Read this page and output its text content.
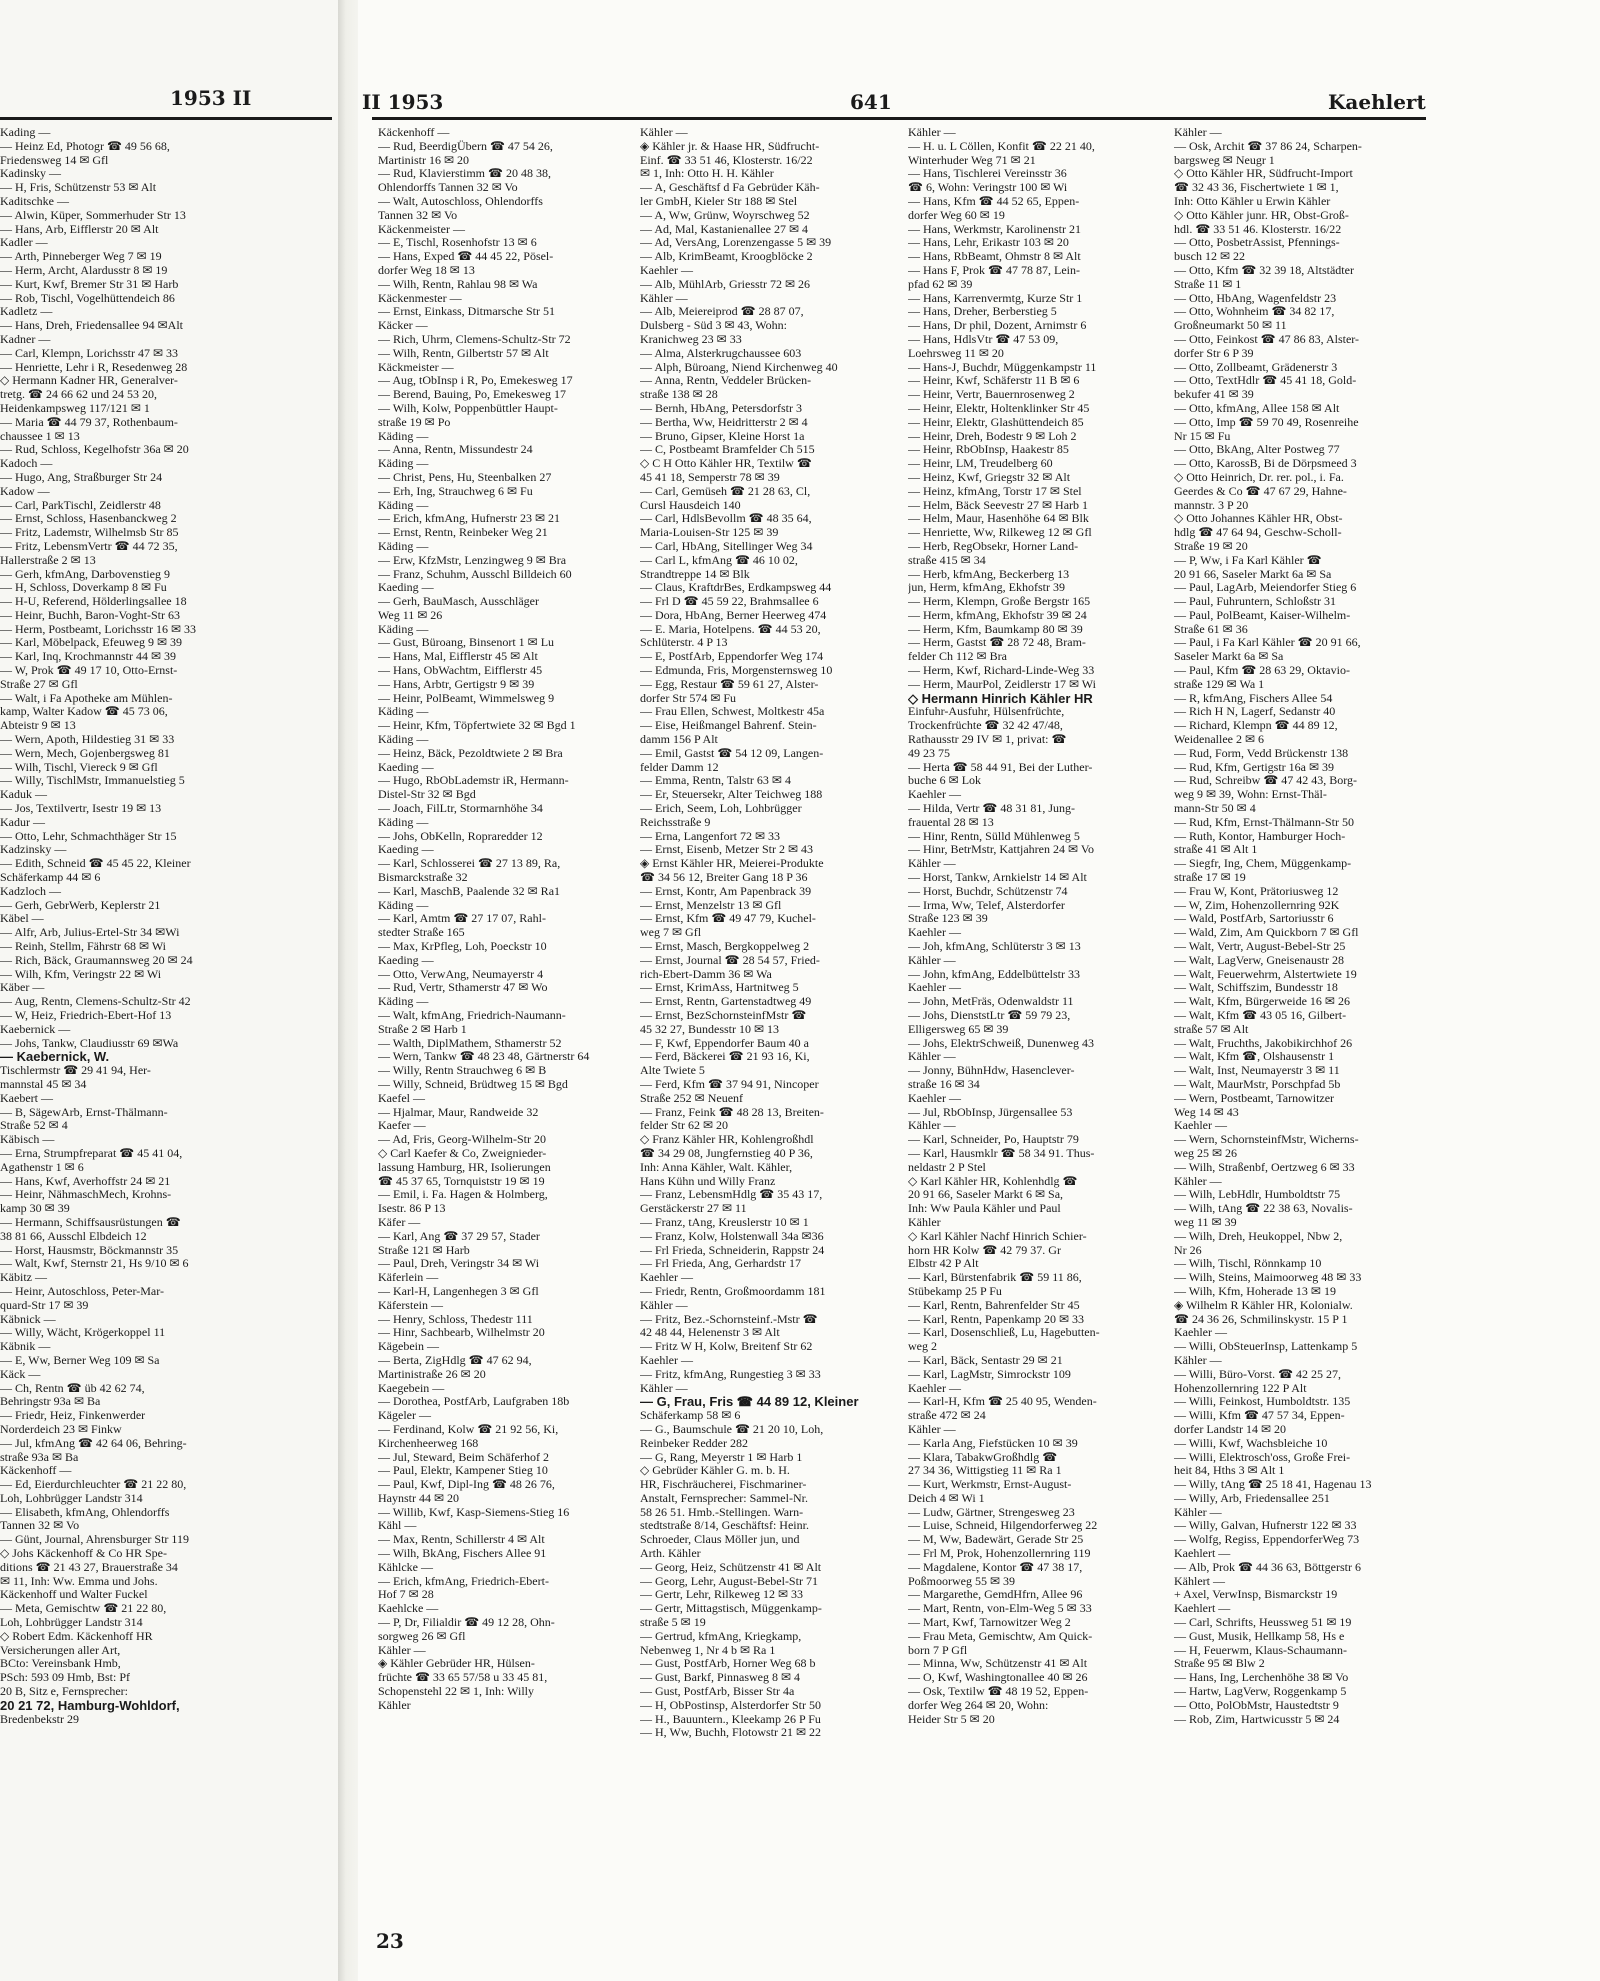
1953 II
Kading —
— Heinz Ed, Photogr ☎ 49 56 68,
Friedensweg 14 ✉ Gfl
Kadinsky —
— H, Fris, Schützenstr 53 ✉ Alt
Kaditschke —
— Alwin, Küper, Sommerhuder Str 13
— Hans, Arb, Eifflerstr 20 ✉ Alt
Kadler —
— Arth, Pinneberger Weg 7 ✉ 19
— Herm, Archt, Alardusstr 8 ✉ 19
— Kurt, Kwf, Bremer Str 31 ✉ Harb
— Rob, Tischl, Vogelhüttendeich 86
Kadletz —
— Hans, Dreh, Friedensallee 94 ✉Alt
Kadner —
— Carl, Klempn, Lorichsstr 47 ✉ 33
— Henriette, Lehr i R, Resedenweg 28
◇ Hermann Kadner HR, Generalver-
tretg. ☎ 24 66 62 und 24 53 20,
Heidenkampsweg 117/121 ✉ 1
— Maria ☎ 44 79 37, Rothenbaum-
chaussee 1 ✉ 13
— Rud, Schloss, Kegelhofstr 36a ✉ 20
Kadoch —
— Hugo, Ang, Straßburger Str 24
Kadow —
— Carl, ParkTischl, Zeidlerstr 48
— Ernst, Schloss, Hasenbanckweg 2
— Fritz, Lademstr, Wilhelmsb Str 85
— Fritz, LebensmVertr ☎ 44 72 35,
Hallerstraße 2 ✉ 13
— Gerh, kfmAng, Darbovenstieg 9
— H, Schloss, Doverkamp 8 ✉ Fu
— H-U, Referend, Hölderlingsallee 18
— Heinr, Buchh, Baron-Voght-Str 63
— Herm, Postbeamt, Lorichsstr 16 ✉ 33
— Karl, Möbelpack, Efeuweg 9 ✉ 39
— Karl, Inq, Krochmannstr 44 ✉ 39
— W, Prok ☎ 49 17 10, Otto-Ernst-
Straße 27 ✉ Gfl
— Walt, i Fa Apotheke am Mühlen-
kamp, Walter Kadow ☎ 45 73 06,
Abteistr 9 ✉ 13
— Wern, Apoth, Hildestieg 31 ✉ 33
— Wern, Mech, Gojenbergsweg 81
— Wilh, Tischl, Viereck 9 ✉ Gfl
— Willy, TischlMstr, Immanuelstieg 5
Kaduk —
— Jos, Textilvertr, Isestr 19 ✉ 13
Kadur —
— Otto, Lehr, Schmachthäger Str 15
Kadzinsky —
— Edith, Schneid ☎ 45 45 22, Kleiner
Schäferkamp 44 ✉ 6
Kadzloch —
— Gerh, GebrWerb, Keplerstr 21
Käbel —
— Alfr, Arb, Julius-Ertel-Str 34 ✉Wi
— Reinh, Stellm, Fährstr 68 ✉ Wi
— Rich, Bäck, Graumannsweg 20 ✉ 24
— Wilh, Kfm, Veringstr 22 ✉ Wi
Käber —
— Aug, Rentn, Clemens-Schultz-Str 42
— W, Heiz, Friedrich-Ebert-Hof 13
Kaebernick —
— Johs, Tankw, Claudiusstr 69 ✉Wa
— Kaebernick, W.
Tischlermstr ☎ 29 41 94, Her-
mannstal 45 ✉ 34
Kaebert —
— B, SägewArb, Ernst-Thälmann-
Straße 52 ✉ 4
Käbisch —
— Erna, Strumpfreparat ☎ 45 41 04,
Agathenstr 1 ✉ 6
— Hans, Kwf, Averhoffstr 24 ✉ 21
— Heinr, NähmaschMech, Krohns-
kamp 30 ✉ 39
— Hermann, Schiffsausrüstungen ☎
38 81 66, Ausschl Elbdeich 12
— Horst, Hausmstr, Böckmannstr 35
— Walt, Kwf, Sternstr 21, Hs 9/10 ✉ 6
Käbitz —
— Heinr, Autoschloss, Peter-Mar-
quard-Str 17 ✉ 39
Käbnick —
— Willy, Wächt, Krögerkoppel 11
Käbnik —
— E, Ww, Berner Weg 109 ✉ Sa
Käck —
— Ch, Rentn ☎ üb 42 62 74,
Behringstr 93a ✉ Ba
— Friedr, Heiz, Finkenwerder
Norderdeich 23 ✉ Finkw
— Jul, kfmAng ☎ 42 64 06, Behring-
straße 93a ✉ Ba
Käckenhoff —
— Ed, Eierdurchleuchter ☎ 21 22 80,
Loh, Lohbrügger Landstr 314
— Elisabeth, kfmAng, Ohlendorffs
Tannen 32 ✉ Vo
— Günt, Journal, Ahrensburger Str 119
◇ Johs Käckenhoff & Co HR Spe-
ditions ☎ 21 43 27, Brauerstraße 34
✉ 11, Inh: Ww. Emma und Johs.
Käckenhoff und Walter Fuckel
— Meta, Gemischtw ☎ 21 22 80,
Loh, Lohbrügger Landstr 314
◇ Robert Edm. Käckenhoff HR
Versicherungen aller Art,
BCto: Vereinsbank Hmb,
PSch: 593 09 Hmb, Bst: Pf
20 B, Sitz e, Fernsprecher:
20 21 72, Hamburg-Wohldorf,
Bredenbekstr 29
II 1953	641	Kaehlert
Käckenhoff —
— Rud, BeerdigÜbern ☎ 47 54 26,
Martinistr 16 ✉ 20
— Rud, Klavierstimm ☎ 20 48 38,
Ohlendorffs Tannen 32 ✉ Vo
— Walt, Autoschloss, Ohlendorffs
Tannen 32 ✉ Vo
Käckenmeister —
— E, Tischl, Rosenhofstr 13 ✉ 6
— Hans, Exped ☎ 44 45 22, Pösel-
dorfer Weg 18 ✉ 13
— Wilh, Rentn, Rahlau 98 ✉ Wa
Käckenmester —
— Ernst, Einkass, Ditmarsche Str 51
Käcker —
— Rich, Uhrm, Clemens-Schultz-Str 72
— Wilh, Rentn, Gilbertstr 57 ✉ Alt
Käckmeister —
— Aug, tObInsp i R, Po, Emekesweg 17
— Berend, Bauing, Po, Emekesweg 17
— Wilh, Kolw, Poppenbüttler Haupt-
straße 19 ✉ Po
Käding —
— Anna, Rentn, Missundestr 24
Käding —
— Christ, Pens, Hu, Steenbalken 27
— Erh, Ing, Strauchweg 6 ✉ Fu
Käding —
— Erich, kfmAng, Hufnerstr 23 ✉ 21
— Ernst, Rentn, Reinbeker Weg 21
Käding —
— Erw, KfzMstr, Lenzingweg 9 ✉ Bra
— Franz, Schuhm, Ausschl Billdeich 60
Kaeding —
— Gerh, BauMasch, Ausschläger
Weg 11 ✉ 26
Käding —
— Gust, Büroang, Binsenort 1 ✉ Lu
— Hans, Mal, Eifflerstr 45 ✉ Alt
— Hans, ObWachtm, Eifflerstr 45
— Hans, Arbtr, Gertigstr 9 ✉ 39
— Heinr, PolBeamt, Wimmelsweg 9
Käding —
— Heinr, Kfm, Töpfertwiete 32 ✉ Bgd 1
Käding —
— Heinz, Bäck, Pezoldtwiete 2 ✉ Bra
Kaeding —
— Hugo, RbObLademstr iR, Hermann-
Distel-Str 32 ✉ Bgd
— Joach, FilLtr, Stormarnhöhe 34
Käding —
— Johs, ObKelln, Ropraredder 12
Kaeding —
— Karl, Schlosserei ☎ 27 13 89, Ra,
Bismarckstraße 32
— Karl, MaschB, Paalende 32 ✉ Ra1
Käding —
— Karl, Amtm ☎ 27 17 07, Rahl-
stedter Straße 165
— Max, KrPfleg, Loh, Poeckstr 10
Kaeding —
— Otto, VerwAng, Neumayerstr 4
— Rud, Vertr, Sthamerstr 47 ✉ Wo
Käding —
— Walt, kfmAng, Friedrich-Naumann-
Straße 2 ✉ Harb 1
— Walth, DiplMathem, Sthamerstr 52
— Wern, Tankw ☎ 48 23 48, Gärtnerstr 64
— Willy, Rentn Strauchweg 6 ✉ B
— Willy, Schneid, Brüdtweg 15 ✉ Bgd
Kaefel —
— Hjalmar, Maur, Randweide 32
Kaefer —
— Ad, Fris, Georg-Wilhelm-Str 20
◇ Carl Kaefer & Co, Zweignieder-
lassung Hamburg, HR, Isolierungen
☎ 45 37 65, Tornquiststr 19 ✉ 19
— Emil, i. Fa. Hagen & Holmberg,
Isestr. 86 P 13
Käfer —
— Karl, Ang ☎ 37 29 57, Stader
Straße 121 ✉ Harb
— Paul, Dreh, Veringstr 34 ✉ Wi
Käferlein —
— Karl-H, Langenhegen 3 ✉ Gfl
Käferstein —
— Henry, Schloss, Thedestr 111
— Hinr, Sachbearb, Wilhelmstr 20
Kägebein —
— Berta, ZigHdlg ☎ 47 62 94,
Martinistraße 26 ✉ 20
Kaegebein —
— Dorothea, PostfArb, Laufgraben 18b
Kägeler —
— Ferdinand, Kolw ☎ 21 92 56, Ki,
Kirchenheerweg 168
— Jul, Steward, Beim Schäferhof 2
— Paul, Elektr, Kampener Stieg 10
— Paul, Kwf, Dipl-Ing ☎ 48 26 76,
Haynstr 44 ✉ 20
— Willib, Kwf, Kasp-Siemens-Stieg 16
Kähl —
— Max, Rentn, Schillerstr 4 ✉ Alt
— Wilh, BkAng, Fischers Allee 91
Kählcke —
— Erich, kfmAng, Friedrich-Ebert-
Hof 7 ✉ 28
Kaehlcke —
— P, Dr, Filialdir ☎ 49 12 28, Ohn-
sorgweg 26 ✉ Gfl
Kähler —
◈ Kähler Gebrüder HR, Hülsen-
früchte ☎ 33 65 57/58 u 33 45 81,
Schopenstehl 22 ✉ 1, Inh: Willy
Kähler
Kähler —
◈ Kähler jr. & Haase HR, Südfrucht-
Einf. ☎ 33 51 46, Klosterstr. 16/22
✉ 1, Inh: Otto H. H. Kähler
— A, Geschäftsf d Fa Gebrüder Käh-
ler GmbH, Kieler Str 188 ✉ Stel
— A, Ww, Grünw, Woyrschweg 52
— Ad, Mal, Kastanienallee 27 ✉ 4
— Ad, VersAng, Lorenzengasse 5 ✉ 39
— Alb, KrimBeamt, Kroogblöcke 2
Kaehler —
— Alb, MühlArb, Griesstr 72 ✉ 26
Kähler —
— Alb, Meiereiprod ☎ 28 87 07,
Dulsberg - Süd 3 ✉ 43, Wohn:
Kranichweg 23 ✉ 33
— Alma, Alsterkrugchaussee 603
— Alph, Büroang, Niend Kirchenweg 40
— Anna, Rentn, Veddeler Brücken-
straße 138 ✉ 28
— Bernh, HbAng, Petersdorfstr 3
— Bertha, Ww, Heidritterstr 2 ✉ 4
— Bruno, Gipser, Kleine Horst 1a
— C, Postbeamt Bramfelder Ch 515
◇ C H Otto Kähler HR, Textilw ☎
45 41 18, Semperstr 78 ✉ 39
— Carl, Gemüseh ☎ 21 28 63, Cl,
Cursl Hausdeich 140
— Carl, HdlsBevollm ☎ 48 35 64,
Maria-Louisen-Str 125 ✉ 39
— Carl, HbAng, Sitellinger Weg 34
— Carl L, kfmAng ☎ 46 10 02,
Strandtreppe 14 ✉ Blk
— Claus, KraftdrBes, Erdkampsweg 44
— Frl D ☎ 45 59 22, Brahmsallee 6
— Dora, HbAng, Berner Heerweg 474
— E. Maria, Hotelpens. ☎ 44 53 20,
Schlüterstr. 4 P 13
— E, PostfArb, Eppendorfer Weg 174
— Edmunda, Fris, Morgensternsweg 10
— Egg, Restaur ☎ 59 61 27, Alster-
dorfer Str 574 ✉ Fu
— Frau Ellen, Schwest, Moltkestr 45a
— Eise, Heißmangel Bahrenf. Stein-
damm 156 P Alt
— Emil, Gastst ☎ 54 12 09, Langen-
felder Damm 12
— Emma, Rentn, Talstr 63 ✉ 4
— Er, Steuersekr, Alter Teichweg 188
— Erich, Seem, Loh, Lohbrügger
Reichsstraße 9
— Erna, Langenfort 72 ✉ 33
— Ernst, Eisenb, Metzer Str 2 ✉ 43
◈ Ernst Kähler HR, Meierei-Produkte
☎ 34 56 12, Breiter Gang 18 P 36
— Ernst, Kontr, Am Papenbrack 39
— Ernst, Menzelstr 13 ✉ Gfl
— Ernst, Kfm ☎ 49 47 79, Kuchel-
weg 7 ✉ Gfl
— Ernst, Masch, Bergkoppelweg 2
— Ernst, Journal ☎ 28 54 57, Fried-
rich-Ebert-Damm 36 ✉ Wa
— Ernst, KrimAss, Hartnitweg 5
— Ernst, Rentn, Gartenstadtweg 49
— Ernst, BezSchornsteinfMstr ☎
45 32 27, Bundesstr 10 ✉ 13
— F, Kwf, Eppendorfer Baum 40 a
— Ferd, Bäckerei ☎ 21 93 16, Ki,
Alte Twiete 5
— Ferd, Kfm ☎ 37 94 91, Nincoper
Straße 252 ✉ Neuenf
— Franz, Feink ☎ 48 28 13, Breiten-
felder Str 62 ✉ 20
◇ Franz Kähler HR, Kohlengroßhdl
☎ 34 29 08, Jungfernstieg 40 P 36,
Inh: Anna Kähler, Walt. Kähler,
Hans Kühn und Willy Franz
— Franz, LebensmHdlg ☎ 35 43 17,
Gerstäckerstr 27 ✉ 11
— Franz, tAng, Kreuslerstr 10 ✉ 1
— Franz, Kolw, Holstenwall 34a ✉36
— Frl Frieda, Schneiderin, Rappstr 24
— Frl Frieda, Ang, Gerhardstr 17
Kaehler —
— Friedr, Rentn, Großmoordamm 181
Kähler —
— Fritz, Bez.-Schornsteinf.-Mstr ☎
42 48 44, Helenenstr 3 ✉ Alt
— Fritz W H, Kolw, Breitenf Str 62
Kaehler —
— Fritz, kfmAng, Rungestieg 3 ✉ 33
Kähler —
— G, Frau, Fris ☎ 44 89 12, Kleiner
Schäferkamp 58 ✉ 6
— G., Baumschule ☎ 21 20 10, Loh,
Reinbeker Redder 282
— G, Rang, Meyerstr 1 ✉ Harb 1
◇ Gebrüder Kähler G. m. b. H.
HR, Fischräucherei, Fischmariner-
Anstalt, Fernsprecher: Sammel-Nr.
58 26 51. Hmb.-Stellingen. Warn-
stedtstraße 8/14, Geschäftsf: Heinr.
Schroeder, Claus Möller jun, und
Arth. Kähler
— Georg, Heiz, Schützenstr 41 ✉ Alt
— Georg, Lehr, August-Bebel-Str 71
— Gertr, Lehr, Rilkeweg 12 ✉ 33
— Gertr, Mittagstisch, Müggenkamp-
straße 5 ✉ 19
— Gertrud, kfmAng, Kriegkamp,
Nebenweg 1, Nr 4 b ✉ Ra 1
— Gust, PostfArb, Horner Weg 68 b
— Gust, Barkf, Pinnasweg 8 ✉ 4
— Gust, PostfArb, Bisser Str 4a
— H, ObPostinsp, Alsterdorfer Str 50
— H., Bauuntern., Kleekamp 26 P Fu
— H, Ww, Buchh, Flotowstr 21 ✉ 22
Kähler —
— H. u. L Cöllen, Konfit ☎ 22 21 40,
Winterhuder Weg 71 ✉ 21
— Hans, Tischlerei Vereinsstr 36
☎ 6, Wohn: Veringstr 100 ✉ Wi
— Hans, Kfm ☎ 44 52 65, Eppen-
dorfer Weg 60 ✉ 19
— Hans, Werkmstr, Karolinenstr 21
— Hans, Lehr, Erikastr 103 ✉ 20
— Hans, RbBeamt, Ohmstr 8 ✉ Alt
— Hans F, Prok ☎ 47 78 87, Lein-
pfad 62 ✉ 39
— Hans, Karrenvermtg, Kurze Str 1
— Hans, Dreher, Berberstieg 5
— Hans, Dr phil, Dozent, Arnimstr 6
— Hans, HdlsVtr ☎ 47 53 09,
Loehrsweg 11 ✉ 20
— Hans-J, Buchdr, Müggenkampstr 11
— Heinr, Kwf, Schäferstr 11 B ✉ 6
— Heinr, Vertr, Bauernrosenweg 2
— Heinr, Elektr, Holtenklinker Str 45
— Heinr, Elektr, Glashüttendeich 85
— Heinr, Dreh, Bodestr 9 ✉ Loh 2
— Heinr, RbObInsp, Haakestr 85
— Heinr, LM, Treudelberg 60
— Heinz, Kwf, Griegstr 32 ✉ Alt
— Heinz, kfmAng, Torstr 17 ✉ Stel
— Helm, Bäck Seevestr 27 ✉ Harb 1
— Helm, Maur, Hasenhöhe 64 ✉ Blk
— Henriette, Ww, Rilkeweg 12 ✉ Gfl
— Herb, RegObsekr, Horner Land-
straße 415 ✉ 34
— Herb, kfmAng, Beckerberg 13
jun, Herm, kfmAng, Ekhofstr 39
— Herm, Klempn, Große Bergstr 165
— Herm, kfmAng, Ekhofstr 39 ✉ 24
— Herm, Kfm, Baumkamp 80 ✉ 39
— Herm, Gastst ☎ 28 72 48, Bram-
felder Ch 112 ✉ Bra
— Herm, Kwf, Richard-Linde-Weg 33
— Herm, MaurPol, Zeidlerstr 17 ✉ Wi
◇ Hermann Hinrich Kähler HR
Einfuhr-Ausfuhr, Hülsenfrüchte,
Trockenfrüchte ☎ 32 42 47/48,
Rathausstr 29 IV ✉ 1, privat: ☎
49 23 75
— Herta ☎ 58 44 91, Bei der Luther-
buche 6 ✉ Lok
Kaehler —
— Hilda, Vertr ☎ 48 31 81, Jung-
frauental 28 ✉ 13
— Hinr, Rentn, Sülld Mühlenweg 5
— Hinr, BetrMstr, Kattjahren 24 ✉ Vo
Kähler —
— Horst, Tankw, Arnkielstr 14 ✉ Alt
— Horst, Buchdr, Schützenstr 74
— Irma, Ww, Telef, Alsterdorfer
Straße 123 ✉ 39
Kaehler —
— Joh, kfmAng, Schlüterstr 3 ✉ 13
Kähler —
— John, kfmAng, Eddelbüttelstr 33
Kaehler —
— John, MetFräs, Odenwaldstr 11
— Johs, DienststLtr ☎ 59 79 23,
Elligersweg 65 ✉ 39
— Johs, ElektrSchweiß, Dunenweg 43
Kähler —
— Jonny, BühnHdw, Hasenclever-
straße 16 ✉ 34
Kaehler —
— Jul, RbObInsp, Jürgensallee 53
Kähler —
— Karl, Schneider, Po, Hauptstr 79
— Karl, Hausmklr ☎ 58 34 91. Thus-
neldastr 2 P Stel
◇ Karl Kähler HR, Kohlenhdlg ☎
20 91 66, Saseler Markt 6 ✉ Sa,
Inh: Ww Paula Kähler und Paul
Kähler
◇ Karl Kähler Nachf Hinrich Schier-
horn HR Kolw ☎ 42 79 37. Gr
Elbstr 42 P Alt
— Karl, Bürstenfabrik ☎ 59 11 86,
Stübekamp 25 P Fu
— Karl, Rentn, Bahrenfelder Str 45
— Karl, Rentn, Papenkamp 20 ✉ 33
— Karl, Dosenschließ, Lu, Hagebutten-
weg 2
— Karl, Bäck, Sentastr 29 ✉ 21
— Karl, LagMstr, Simrockstr 109
Kaehler —
— Karl-H, Kfm ☎ 25 40 95, Wenden-
straße 472 ✉ 24
Kähler —
— Karla Ang, Fiefstücken 10 ✉ 39
— Klara, TabakwGroßhdlg ☎
27 34 36, Wittigstieg 11 ✉ Ra 1
— Kurt, Werkmstr, Ernst-August-
Deich 4 ✉ Wi 1
— Ludw, Gärtner, Strengesweg 23
— Luise, Schneid, Hilgendorferweg 22
— M, Ww, Badewärt, Gerade Str 25
— Frl M, Prok, Hohenzollernring 119
— Magdalene, Kontor ☎ 47 38 17,
Poßmoorweg 55 ✉ 39
— Margarethe, GemdHfrn, Allee 96
— Mart, Rentn, von-Elm-Weg 5 ✉ 33
— Mart, Kwf, Tarnowitzer Weg 2
— Frau Meta, Gemischtw, Am Quick-
born 7 P Gfl
— Minna, Ww, Schützenstr 41 ✉ Alt
— O, Kwf, Washingtonallee 40 ✉ 26
— Osk, Textilw ☎ 48 19 52, Eppen-
dorfer Weg 264 ✉ 20, Wohn:
Heider Str 5 ✉ 20
Kähler —
— Osk, Archit ☎ 37 86 24, Scharpen-
bargsweg ✉ Neugr 1
◇ Otto Kähler HR, Südfrucht-Import
☎ 32 43 36, Fischertwiete 1 ✉ 1,
Inh: Otto Kähler u Erwin Kähler
◇ Otto Kähler junr. HR, Obst-Groß-
hdl. ☎ 33 51 46. Klosterstr. 16/22
— Otto, PosbetrAssist, Pfennings-
busch 12 ✉ 22
— Otto, Kfm ☎ 32 39 18, Altstädter
Straße 11 ✉ 1
— Otto, HbAng, Wagenfeldstr 23
— Otto, Wohnheim ☎ 34 82 17,
Großneumarkt 50 ✉ 11
— Otto, Feinkost ☎ 47 86 83, Alster-
dorfer Str 6 P 39
— Otto, Zollbeamt, Grädenerstr 3
— Otto, TextHdlr ☎ 45 41 18, Gold-
bekufer 41 ✉ 39
— Otto, kfmAng, Allee 158 ✉ Alt
— Otto, Imp ☎ 59 70 49, Rosenreihe
Nr 15 ✉ Fu
— Otto, BkAng, Alter Postweg 77
— Otto, KarossB, Bi de Dörpsmeed 3
◇ Otto Heinrich, Dr. rer. pol., i. Fa.
Geerdes & Co ☎ 47 67 29, Hahne-
mannstr. 3 P 20
◇ Otto Johannes Kähler HR, Obst-
hdlg ☎ 47 64 94, Geschw-Scholl-
Straße 19 ✉ 20
— P, Ww, i Fa Karl Kähler ☎
20 91 66, Saseler Markt 6a ✉ Sa
— Paul, LagArb, Meiendorfer Stieg 6
— Paul, Fuhruntern, Schloßstr 31
— Paul, PolBeamt, Kaiser-Wilhelm-
Straße 61 ✉ 36
— Paul, i Fa Karl Kähler ☎ 20 91 66,
Saseler Markt 6a ✉ Sa
— Paul, Kfm ☎ 28 63 29, Oktavio-
straße 129 ✉ Wa 1
— R, kfmAng, Fischers Allee 54
— Rich H N, Lagerf, Sedanstr 40
— Richard, Klempn ☎ 44 89 12,
Weidenallee 2 ✉ 6
— Rud, Form, Vedd Brückenstr 138
— Rud, Kfm, Gertigstr 16a ✉ 39
— Rud, Schreibw ☎ 47 42 43, Borg-
weg 9 ✉ 39, Wohn: Ernst-Thäl-
mann-Str 50 ✉ 4
— Rud, Kfm, Ernst-Thälmann-Str 50
— Ruth, Kontor, Hamburger Hoch-
straße 41 ✉ Alt 1
— Siegfr, Ing, Chem, Müggenkamp-
straße 17 ✉ 19
— Frau W, Kont, Prätoriusweg 12
— W, Zim, Hohenzollernring 92K
— Wald, PostfArb, Sartoriusstr 6
— Wald, Zim, Am Quickborn 7 ✉ Gfl
— Walt, Vertr, August-Bebel-Str 25
— Walt, LagVerw, Gneisenaustr 28
— Walt, Feuerwehrm, Alstertwiete 19
— Walt, Schiffszim, Bundesstr 18
— Walt, Kfm, Bürgerweide 16 ✉ 26
— Walt, Kfm ☎ 43 05 16, Gilbert-
straße 57 ✉ Alt
— Walt, Fruchths, Jakobikirchhof 26
— Walt, Kfm ☎, Olshausenstr 1
— Walt, Inst, Neumayerstr 3 ✉ 11
— Walt, MaurMstr, Porschpfad 5b
— Wern, Postbeamt, Tarnowitzer
Weg 14 ✉ 43
Kaehler —
— Wern, SchornsteinfMstr, Wicherns-
weg 25 ✉ 26
— Wilh, Straßenbf, Oertzweg 6 ✉ 33
Kähler —
— Wilh, LebHdlr, Humboldtstr 75
— Wilh, tAng ☎ 22 38 63, Novalis-
weg 11 ✉ 39
— Wilh, Dreh, Heukoppel, Nbw 2,
Nr 26
— Wilh, Tischl, Rönnkamp 10
— Wilh, Steins, Maimoorweg 48 ✉ 33
— Wilh, Kfm, Hoherade 13 ✉ 19
◈ Wilhelm R Kähler HR, Kolonialw.
☎ 24 36 26, Schmilinskystr. 15 P 1
Kaehler —
— Willi, ObSteuerInsp, Lattenkamp 5
Kähler —
— Willi, Büro-Vorst. ☎ 42 25 27,
Hohenzollernring 122 P Alt
— Willi, Feinkost, Humboldtstr. 135
— Willi, Kfm ☎ 47 57 34, Eppen-
dorfer Landstr 14 ✉ 20
— Willi, Kwf, Wachsbleiche 10
— Willi, Elektrosch'oss, Große Frei-
heit 84, Hths 3 ✉ Alt 1
— Willy, tAng ☎ 25 18 41, Hagenau 13
— Willy, Arb, Friedensallee 251
Kähler —
— Willy, Galvan, Hufnerstr 122 ✉ 33
— Wolfg, Regiss, EppendorferWeg 73
Kaehlert —
— Alb, Prok ☎ 44 36 63, Böttgerstr 6
Kählert —
+ Axel, VerwInsp, Bismarckstr 19
Kaehlert —
— Carl, Schrifts, Heussweg 51 ✉ 19
— Gust, Musik, Hellkamp 58, Hs e
— H, Feuerwm, Klaus-Schaumann-
Straße 95 ✉ Blw 2
— Hans, Ing, Lerchenhöhe 38 ✉ Vo
— Hartw, LagVerw, Roggenkamp 5
— Otto, PolObMstr, Haustedtstr 9
— Rob, Zim, Hartwicusstr 5 ✉ 24
23
